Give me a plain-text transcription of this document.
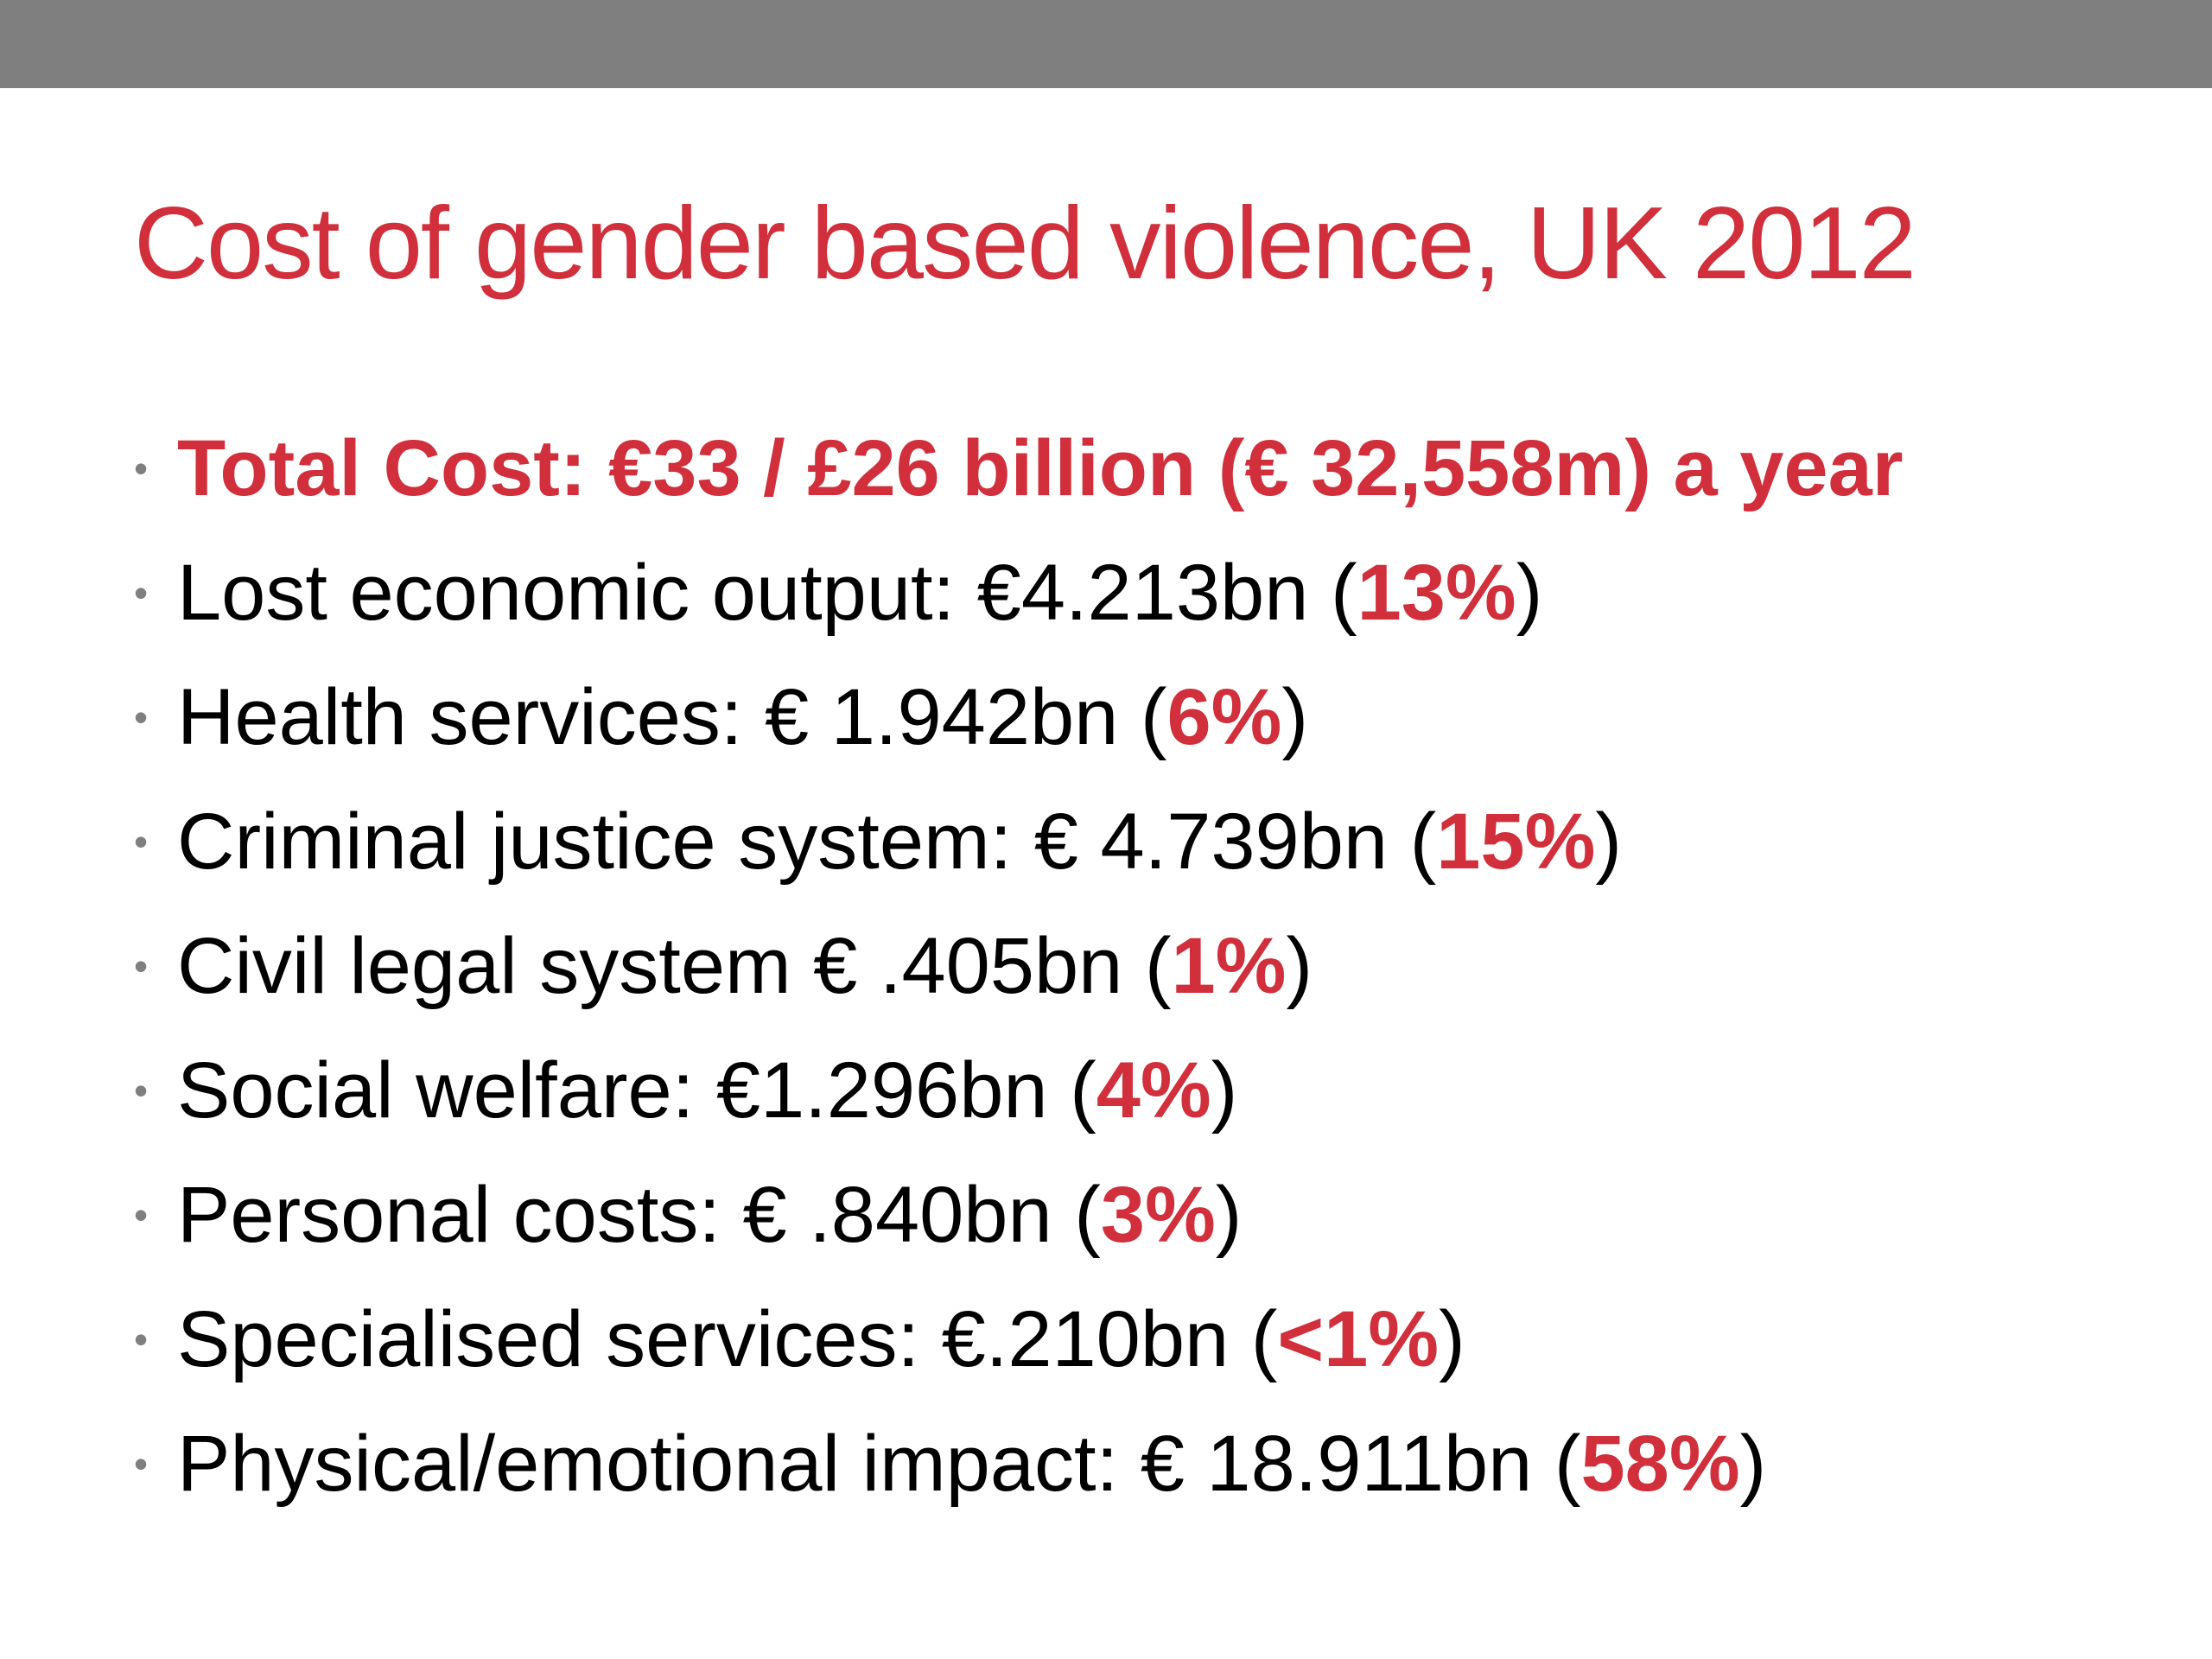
Cost of gender based violence, UK 2012
• Total Cost: €33 / £26 billion (€ 32,558m) a year
• Lost economic output: €4.213bn ( 13% )
• Health services: € 1.942bn ( 6% )
• Criminal justice system: € 4.739bn ( 15% )
• Civil legal system € .405bn ( 1% )
• Social welfare: €1.296bn ( 4% )
• Personal costs: € .840bn ( 3% )
• Specialised services: €.210bn ( <1% )
• Physical/emotional impact: € 18.911bn ( 58% )
